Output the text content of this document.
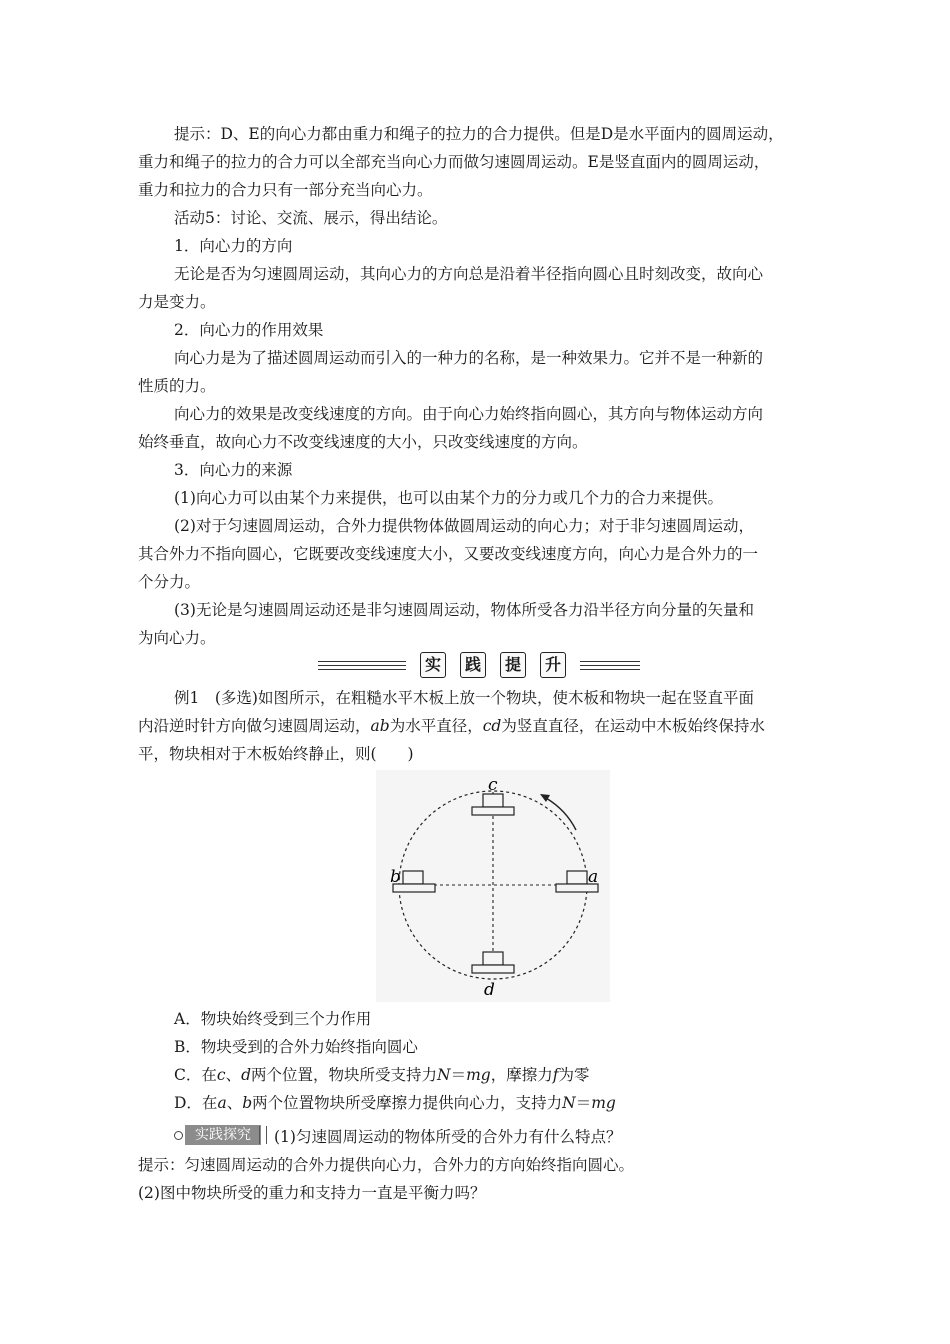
提示：D、E的向心力都由重力和绳子的拉力的合力提供。但是D是水平面内的圆周运动，
重力和绳子的拉力的合力可以全部充当向心力而做匀速圆周运动。E是竖直面内的圆周运动，
重力和拉力的合力只有一部分充当向心力。
活动5：讨论、交流、展示，得出结论。
1．向心力的方向
无论是否为匀速圆周运动，其向心力的方向总是沿着半径指向圆心且时刻改变，故向心
力是变力。
2．向心力的作用效果
向心力是为了描述圆周运动而引入的一种力的名称，是一种效果力。它并不是一种新的
性质的力。
向心力的效果是改变线速度的方向。由于向心力始终指向圆心，其方向与物体运动方向
始终垂直，故向心力不改变线速度的大小，只改变线速度的方向。
3．向心力的来源
(1)向心力可以由某个力来提供，也可以由某个力的分力或几个力的合力来提供。
(2)对于匀速圆周运动，合外力提供物体做圆周运动的向心力；对于非匀速圆周运动，
其合外力不指向圆心，它既要改变线速度大小，又要改变线速度方向，向心力是合外力的一
个分力。
(3)无论是匀速圆周运动还是非匀速圆周运动，物体所受各力沿半径方向分量的矢量和
为向心力。
实	践	提	升
例1　(多选)如图所示，在粗糙水平木板上放一个物块，使木板和物块一起在竖直平面
内沿逆时针方向做匀速圆周运动，ab为水平直径，cd为竖直直径，在运动中木板始终保持水
平，物块相对于木板始终静止，则(　　)
c
b	a
d
A．物块始终受到三个力作用
B．物块受到的合外力始终指向圆心
C．在c、d两个位置，物块所受支持力N＝mg，摩擦力f为零
D．在a、b两个位置物块所受摩擦力提供向心力，支持力N＝mg
实践探究	(1)匀速圆周运动的物体所受的合外力有什么特点？
提示：匀速圆周运动的合外力提供向心力，合外力的方向始终指向圆心。
(2)图中物块所受的重力和支持力一直是平衡力吗？
